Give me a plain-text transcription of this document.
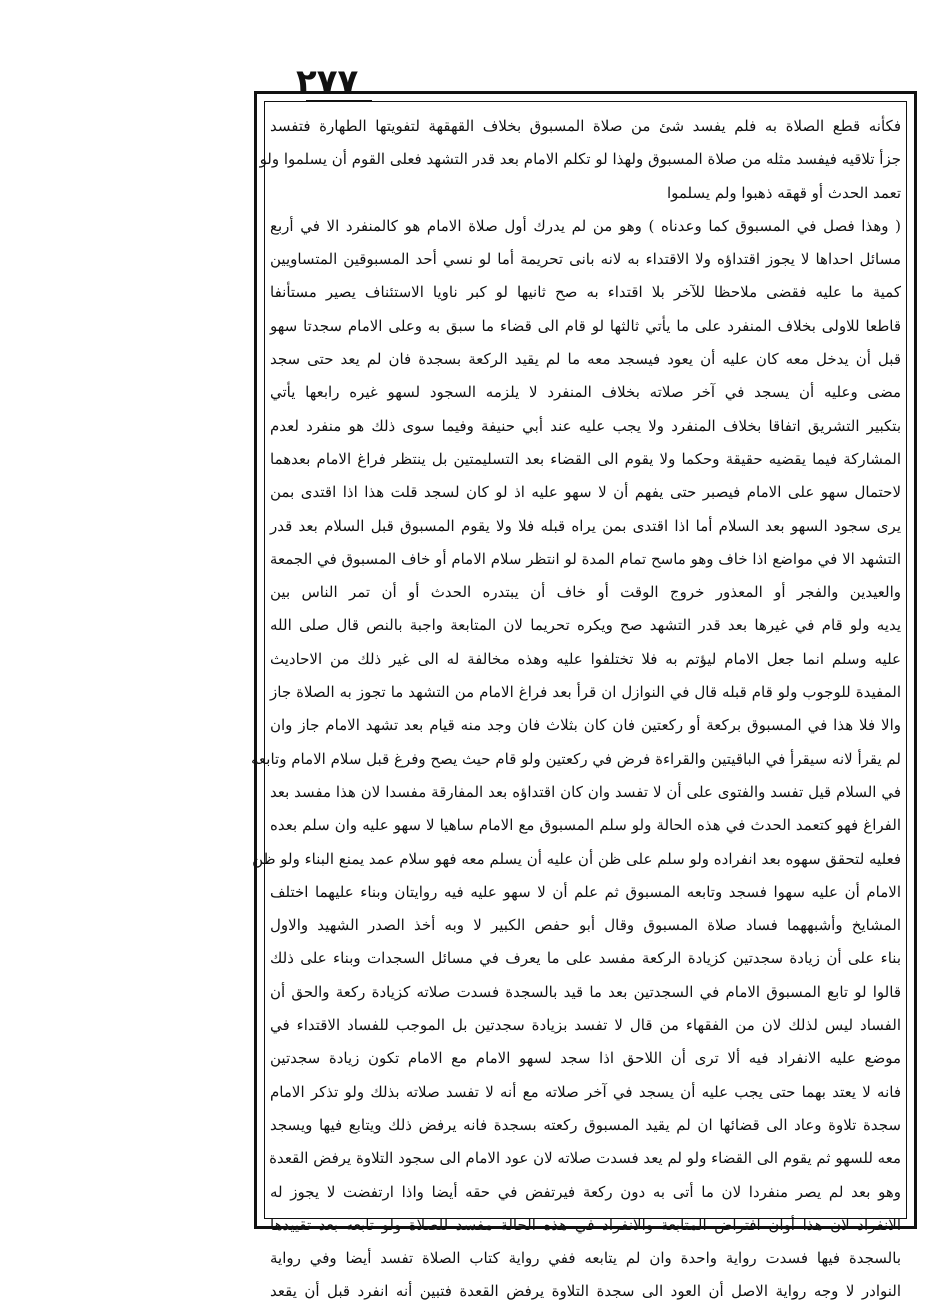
٢٧٧
فكأنه قطع الصلاة به فلم يفسد شئ من صلاة المسبوق بخلاف القهقهة لتفويتها الطهارة فتفسد
جزأ تلاقيه فيفسد مثله من صلاة المسبوق ولهذا لو تكلم الامام بعد قدر التشهد فعلى القوم أن يسلموا ولو
تعمد الحدث أو قهقه ذهبوا ولم يسلموا
( وهذا فصل في المسبوق كما وعدناه ) وهو من لم يدرك أول صلاة الامام هو كالمنفرد الا في أربع
مسائل احداها لا يجوز اقتداؤه ولا الاقتداء به لانه بانى تحريمة أما لو نسي أحد المسبوقين المتساويين
كمية ما عليه فقضى ملاحظا للآخر بلا اقتداء به صح ثانيها لو كبر ناويا الاستئناف يصير مستأنفا
قاطعا للاولى بخلاف المنفرد على ما يأتي ثالثها لو قام الى قضاء ما سبق به وعلى الامام سجدتا سهو
قبل أن يدخل معه كان عليه أن يعود فيسجد معه ما لم يقيد الركعة بسجدة فان لم يعد حتى سجد
مضى وعليه أن يسجد في آخر صلاته بخلاف المنفرد لا يلزمه السجود لسهو غيره رابعها يأتي
بتكبير التشريق اتفاقا بخلاف المنفرد ولا يجب عليه عند أبي حنيفة وفيما سوى ذلك هو منفرد لعدم
المشاركة فيما يقضيه حقيقة وحكما ولا يقوم الى القضاء بعد التسليمتين بل ينتظر فراغ الامام بعدهما
لاحتمال سهو على الامام فيصبر حتى يفهم أن لا سهو عليه اذ لو كان لسجد قلت هذا اذا اقتدى بمن
يرى سجود السهو بعد السلام أما اذا اقتدى بمن يراه قبله فلا ولا يقوم المسبوق قبل السلام بعد قدر
التشهد الا في مواضع اذا خاف وهو ماسح تمام المدة لو انتظر سلام الامام أو خاف المسبوق في الجمعة
والعيدين والفجر أو المعذور خروج الوقت أو خاف أن يبتدره الحدث أو أن تمر الناس بين
يديه ولو قام في غيرها بعد قدر التشهد صح ويكره تحريما لان المتابعة واجبة بالنص قال صلى الله
عليه وسلم انما جعل الامام ليؤتم به فلا تختلفوا عليه وهذه مخالفة له الى غير ذلك من الاحاديث
المفيدة للوجوب ولو قام قبله قال في النوازل ان قرأ بعد فراغ الامام من التشهد ما تجوز به الصلاة جاز
والا فلا هذا في المسبوق بركعة أو ركعتين فان كان بثلاث فان وجد منه قيام بعد تشهد الامام جاز وان
لم يقرأ لانه سيقرأ في الباقيتين والقراءة فرض في ركعتين ولو قام حيث يصح وفرغ قبل سلام الامام وتابعه
في السلام قيل تفسد والفتوى على أن لا تفسد وان كان اقتداؤه بعد المفارقة مفسدا لان هذا مفسد بعد
الفراغ فهو كتعمد الحدث في هذه الحالة ولو سلم المسبوق مع الامام ساهيا لا سهو عليه وان سلم بعده
فعليه لتحقق سهوه بعد انفراده ولو سلم على ظن أن عليه أن يسلم معه فهو سلام عمد يمنع البناء ولو ظن
الامام أن عليه سهوا فسجد وتابعه المسبوق ثم علم أن لا سهو عليه فيه روايتان وبناء عليهما اختلف
المشايخ وأشبههما فساد صلاة المسبوق وقال أبو حفص الكبير لا وبه أخذ الصدر الشهيد والاول
بناء على أن زيادة سجدتين كزيادة الركعة مفسد على ما يعرف في مسائل السجدات وبناء على ذلك
قالوا لو تابع المسبوق الامام في السجدتين بعد ما قيد بالسجدة فسدت صلاته كزيادة ركعة والحق أن
الفساد ليس لذلك لان من الفقهاء من قال لا تفسد بزيادة سجدتين بل الموجب للفساد الاقتداء في
موضع عليه الانفراد فيه ألا ترى أن اللاحق اذا سجد لسهو الامام مع الامام تكون زيادة سجدتين
فانه لا يعتد بهما حتى يجب عليه أن يسجد في آخر صلاته مع أنه لا تفسد صلاته بذلك ولو تذكر الامام
سجدة تلاوة وعاد الى قضائها ان لم يقيد المسبوق ركعته بسجدة فانه يرفض ذلك ويتابع فيها ويسجد
معه للسهو ثم يقوم الى القضاء ولو لم يعد فسدت صلاته لان عود الامام الى سجود التلاوة يرفض القعدة
وهو بعد لم يصر منفردا لان ما أتى به دون ركعة فيرتفض في حقه أيضا واذا ارتفضت لا يجوز له
الانفراد لان هذا أوان افتراض المتابعة والانفراد في هذه الحالة مفسد للصلاة ولو تابعه بعد تقييدها
بالسجدة فيها فسدت رواية واحدة وان لم يتابعه ففي رواية كتاب الصلاة تفسد أيضا وفي رواية
النوادر لا وجه رواية الاصل أن العود الى سجدة التلاوة يرفض القعدة فتبين أنه انفرد قبل أن يقعد
